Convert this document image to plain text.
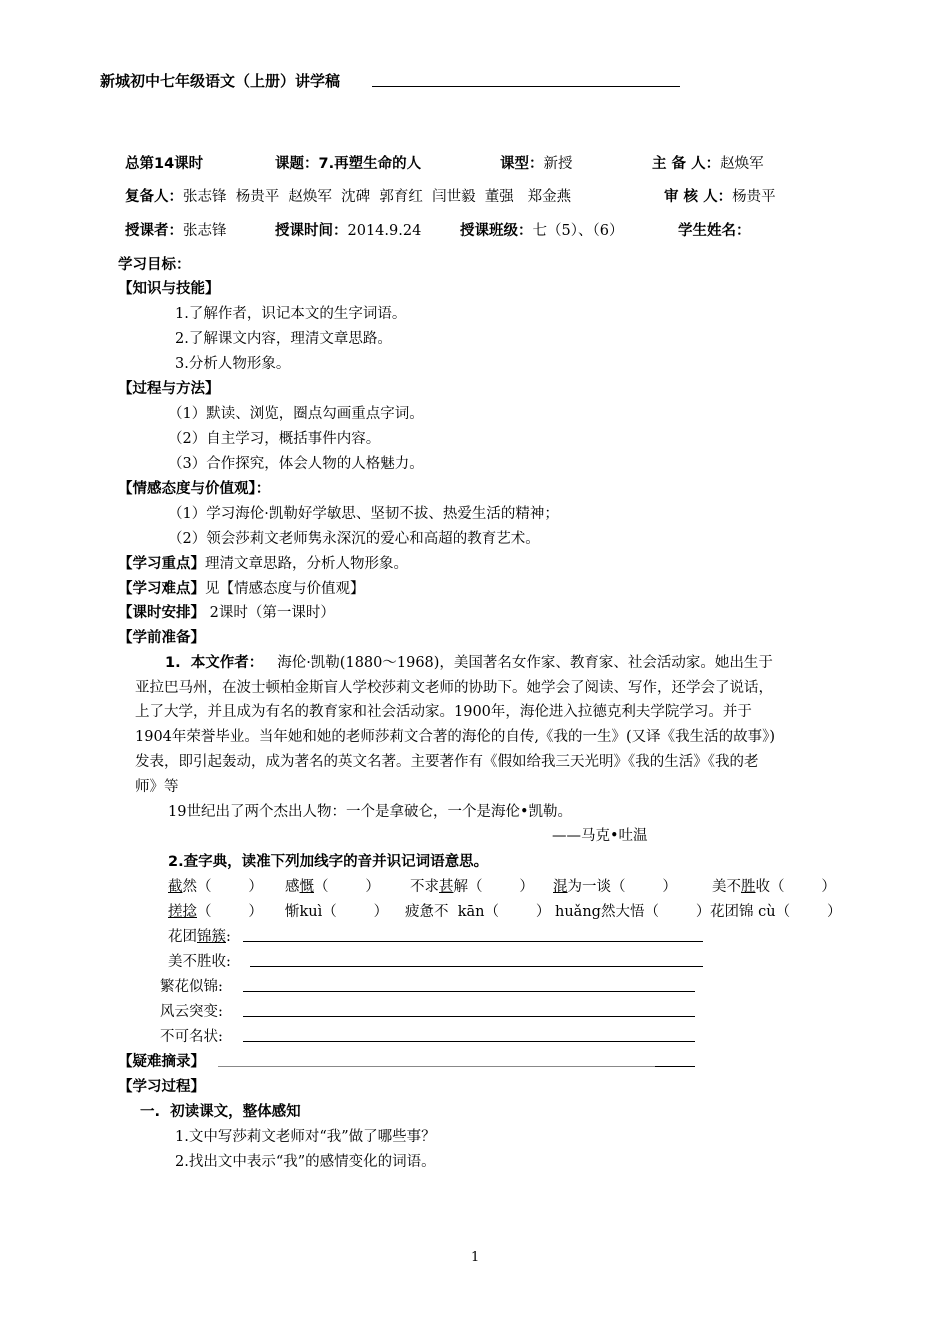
新城初中七年级语文（上册）讲学稿
总第14课时	课题：7.再塑生命的人	课型：新授	主 备 人：赵焕军
复备人：张志锋  杨贵平  赵焕军  沈碑  郭育红  闫世毅  董强   郑金燕	审 核 人：杨贵平
授课者：张志锋	授课时间：2014.9.24	授课班级：七（5）、（6）	学生姓名：
学习目标：
【知识与技能】
1.了解作者，识记本文的生字词语。
2.了解课文内容，理清文章思路。
3.分析人物形象。
【过程与方法】
（1）默读、浏览，圈点勾画重点字词。
（2）自主学习，概括事件内容。
（3）合作探究，体会人物的人格魅力。
【情感态度与价值观】：
（1）学习海伦·凯勒好学敏思、坚韧不拔、热爱生活的精神；
（2）领会莎莉文老师隽永深沉的爱心和高超的教育艺术。
【学习重点】理清文章思路，分析人物形象。
【学习难点】见【情感态度与价值观】
【课时安排】 2课时（第一课时）
【学前准备】
1.  本文作者： 海伦·凯勒(1880～1968)，美国著名女作家、教育家、社会活动家。她出生于
亚拉巴马州，在波士顿柏金斯盲人学校莎莉文老师的协助下。她学会了阅读、写作，还学会了说话，
上了大学，并且成为有名的教育家和社会活动家。1900年，海伦进入拉德克利夫学院学习。并于
1904年荣誉毕业。当年她和她的老师莎莉文合著的海伦的自传,《我的一生》(又译《我生活的故事》)
发表，即引起轰动，成为著名的英文名著。主要著作有《假如给我三天光明》《我的生活》《我的老
师》等
19世纪出了两个杰出人物：一个是拿破仑，一个是海伦•凯勒。
——马克•吐温
2.查字典，读准下列加线字的音并识记词语意思。
截然（        ） 感慨（        ） 不求甚解（        ） 混为一谈（        ） 美不胜收（        ）
搓捻（        ） 惭kuì（        ） 疲惫不  kān（        ） huǎng然大悟（        ） 花团锦 cù（        ）
花团锦簇:
美不胜收:
繁花似锦:
风云突变:
不可名状:
【疑难摘录】
【学习过程】
一.  初读课文，整体感知
1.文中写莎莉文老师对“我”做了哪些事？
2.找出文中表示“我”的感情变化的词语。
1
